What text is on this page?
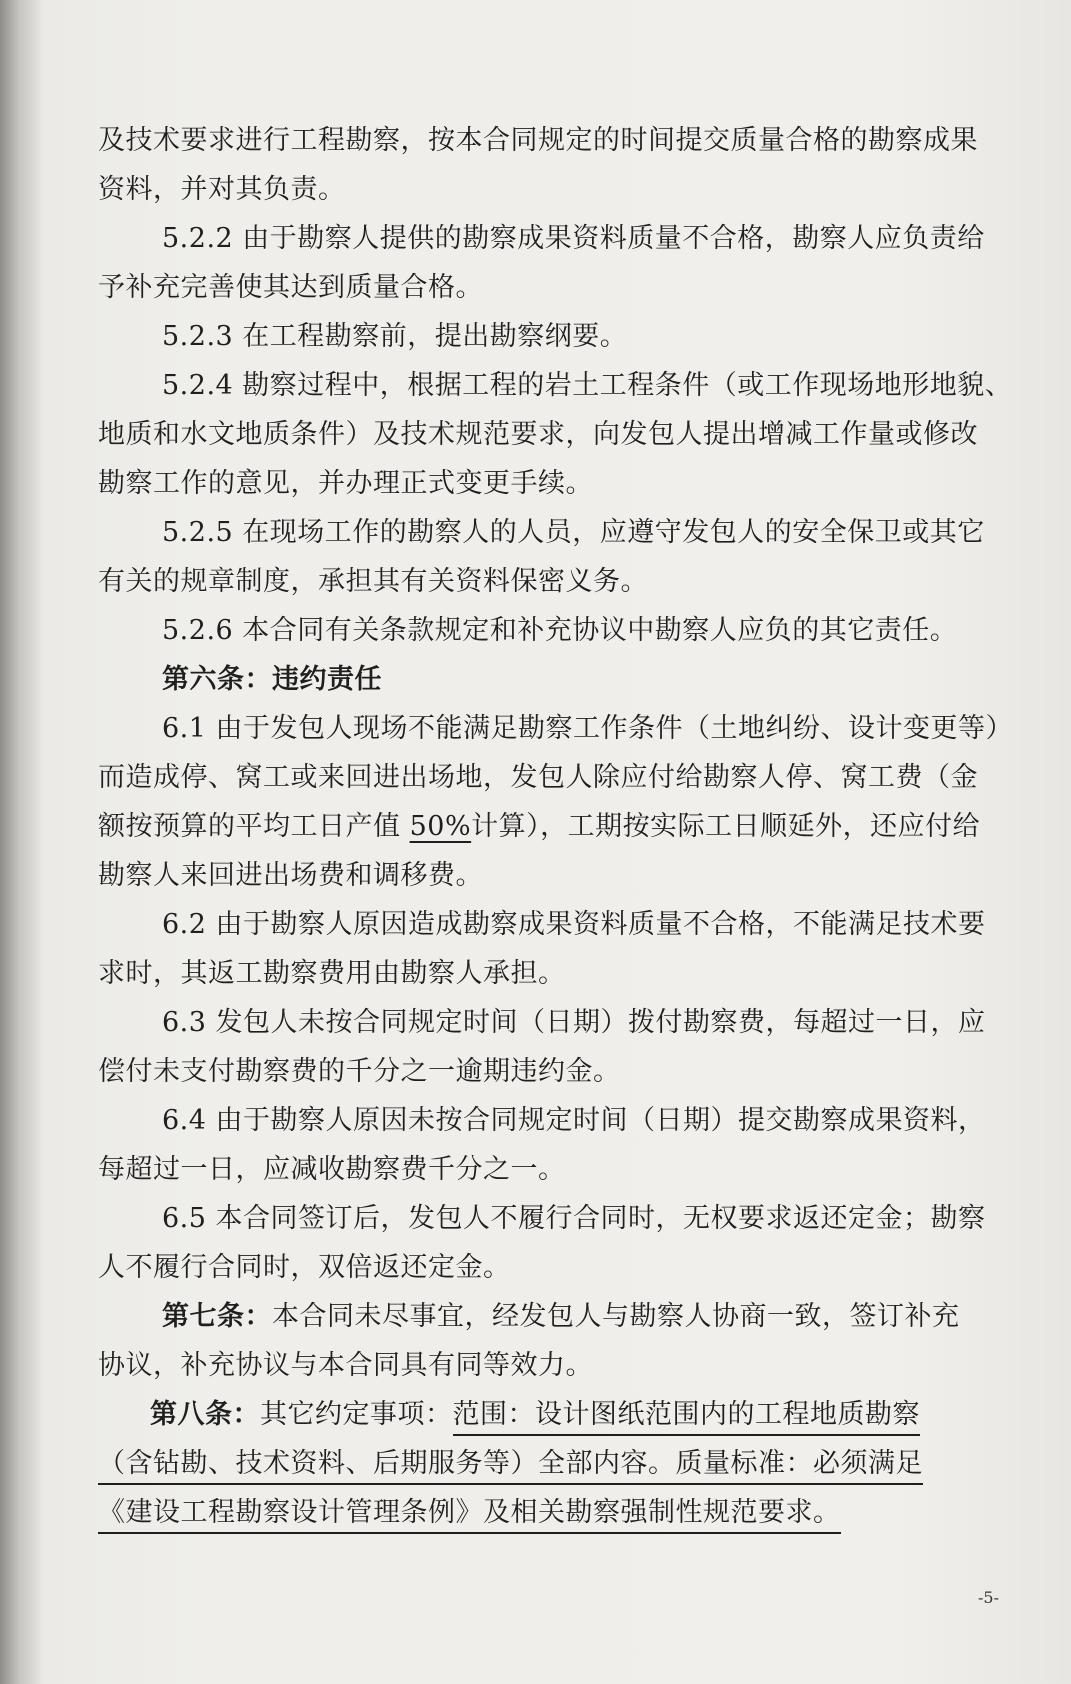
及技术要求进行工程勘察，按本合同规定的时间提交质量合格的勘察成果
资料，并对其负责。
5.2.2 由于勘察人提供的勘察成果资料质量不合格，勘察人应负责给
予补充完善使其达到质量合格。
5.2.3 在工程勘察前，提出勘察纲要。
5.2.4 勘察过程中，根据工程的岩土工程条件（或工作现场地形地貌、
地质和水文地质条件）及技术规范要求，向发包人提出增减工作量或修改
勘察工作的意见，并办理正式变更手续。
5.2.5 在现场工作的勘察人的人员，应遵守发包人的安全保卫或其它
有关的规章制度，承担其有关资料保密义务。
5.2.6 本合同有关条款规定和补充协议中勘察人应负的其它责任。
第六条：违约责任
6.1 由于发包人现场不能满足勘察工作条件（土地纠纷、设计变更等）
而造成停、窝工或来回进出场地，发包人除应付给勘察人停、窝工费（金
额按预算的平均工日产值 50%计算），工期按实际工日顺延外，还应付给
勘察人来回进出场费和调移费。
6.2 由于勘察人原因造成勘察成果资料质量不合格，不能满足技术要
求时，其返工勘察费用由勘察人承担。
6.3 发包人未按合同规定时间（日期）拨付勘察费，每超过一日，应
偿付未支付勘察费的千分之一逾期违约金。
6.4 由于勘察人原因未按合同规定时间（日期）提交勘察成果资料，
每超过一日，应减收勘察费千分之一。
6.5 本合同签订后，发包人不履行合同时，无权要求返还定金；勘察
人不履行合同时，双倍返还定金。
第七条：本合同未尽事宜，经发包人与勘察人协商一致，签订补充
协议，补充协议与本合同具有同等效力。
第八条：其它约定事项：范围：设计图纸范围内的工程地质勘察
（含钻勘、技术资料、后期服务等）全部内容。质量标准：必须满足
《建设工程勘察设计管理条例》及相关勘察强制性规范要求。
-5-
